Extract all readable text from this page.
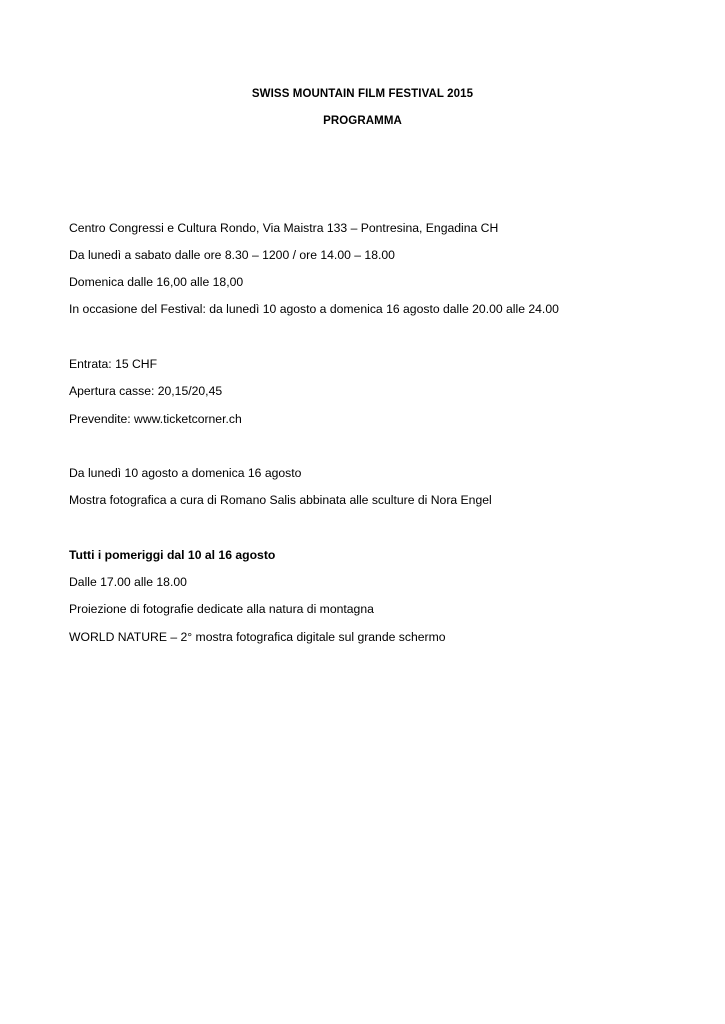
SWISS MOUNTAIN FILM FESTIVAL 2015
PROGRAMMA
Centro Congressi e Cultura Rondo, Via Maistra 133 – Pontresina, Engadina CH
Da lunedì a sabato dalle ore 8.30 – 1200 / ore 14.00 – 18.00
Domenica dalle 16,00 alle 18,00
In occasione del Festival: da lunedì 10 agosto a domenica 16 agosto dalle 20.00 alle 24.00
Entrata: 15 CHF
Apertura casse: 20,15/20,45
Prevendite: www.ticketcorner.ch
Da lunedì 10 agosto a domenica 16 agosto
Mostra fotografica a cura di Romano Salis abbinata alle sculture di Nora Engel
Tutti i pomeriggi dal 10 al 16 agosto
Dalle 17.00 alle 18.00
Proiezione di fotografie dedicate alla natura di montagna
WORLD NATURE – 2° mostra fotografica digitale sul grande schermo
